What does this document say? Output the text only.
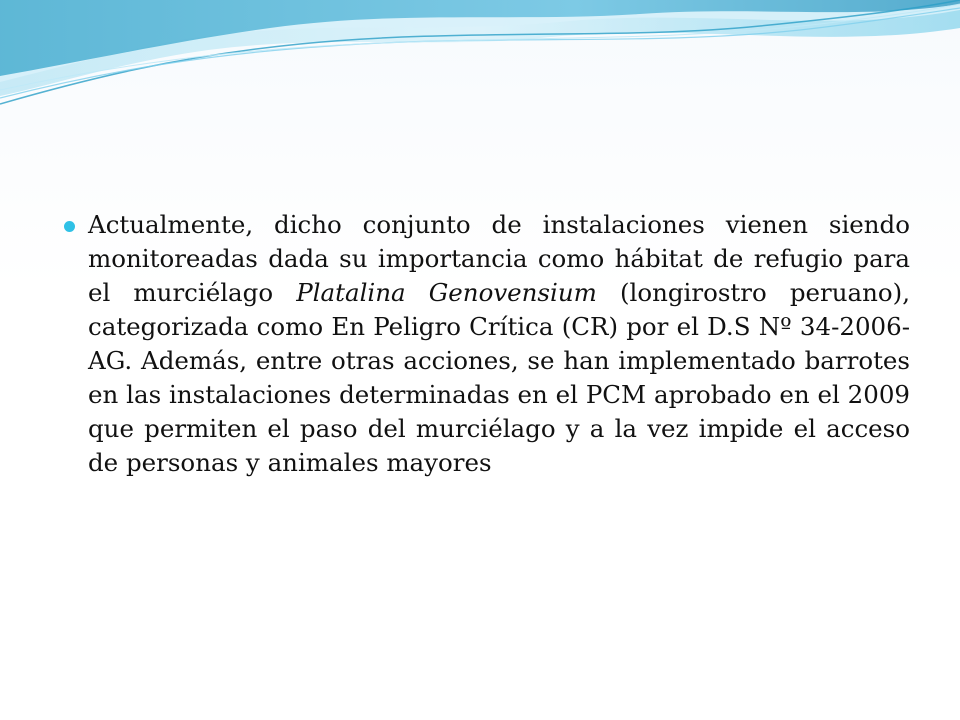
Actualmente, dicho conjunto de instalaciones vienen siendo monitoreadas dada su importancia como hábitat de refugio para el murciélago Platalina Genovensium (longirostro peruano), categorizada como En Peligro Crítica (CR) por el D.S Nº 34-2006-AG. Además, entre otras acciones, se han implementado barrotes en las instalaciones determinadas en el PCM aprobado en el 2009 que permiten el paso del murciélago y a la vez impide el acceso de personas y animales mayores
